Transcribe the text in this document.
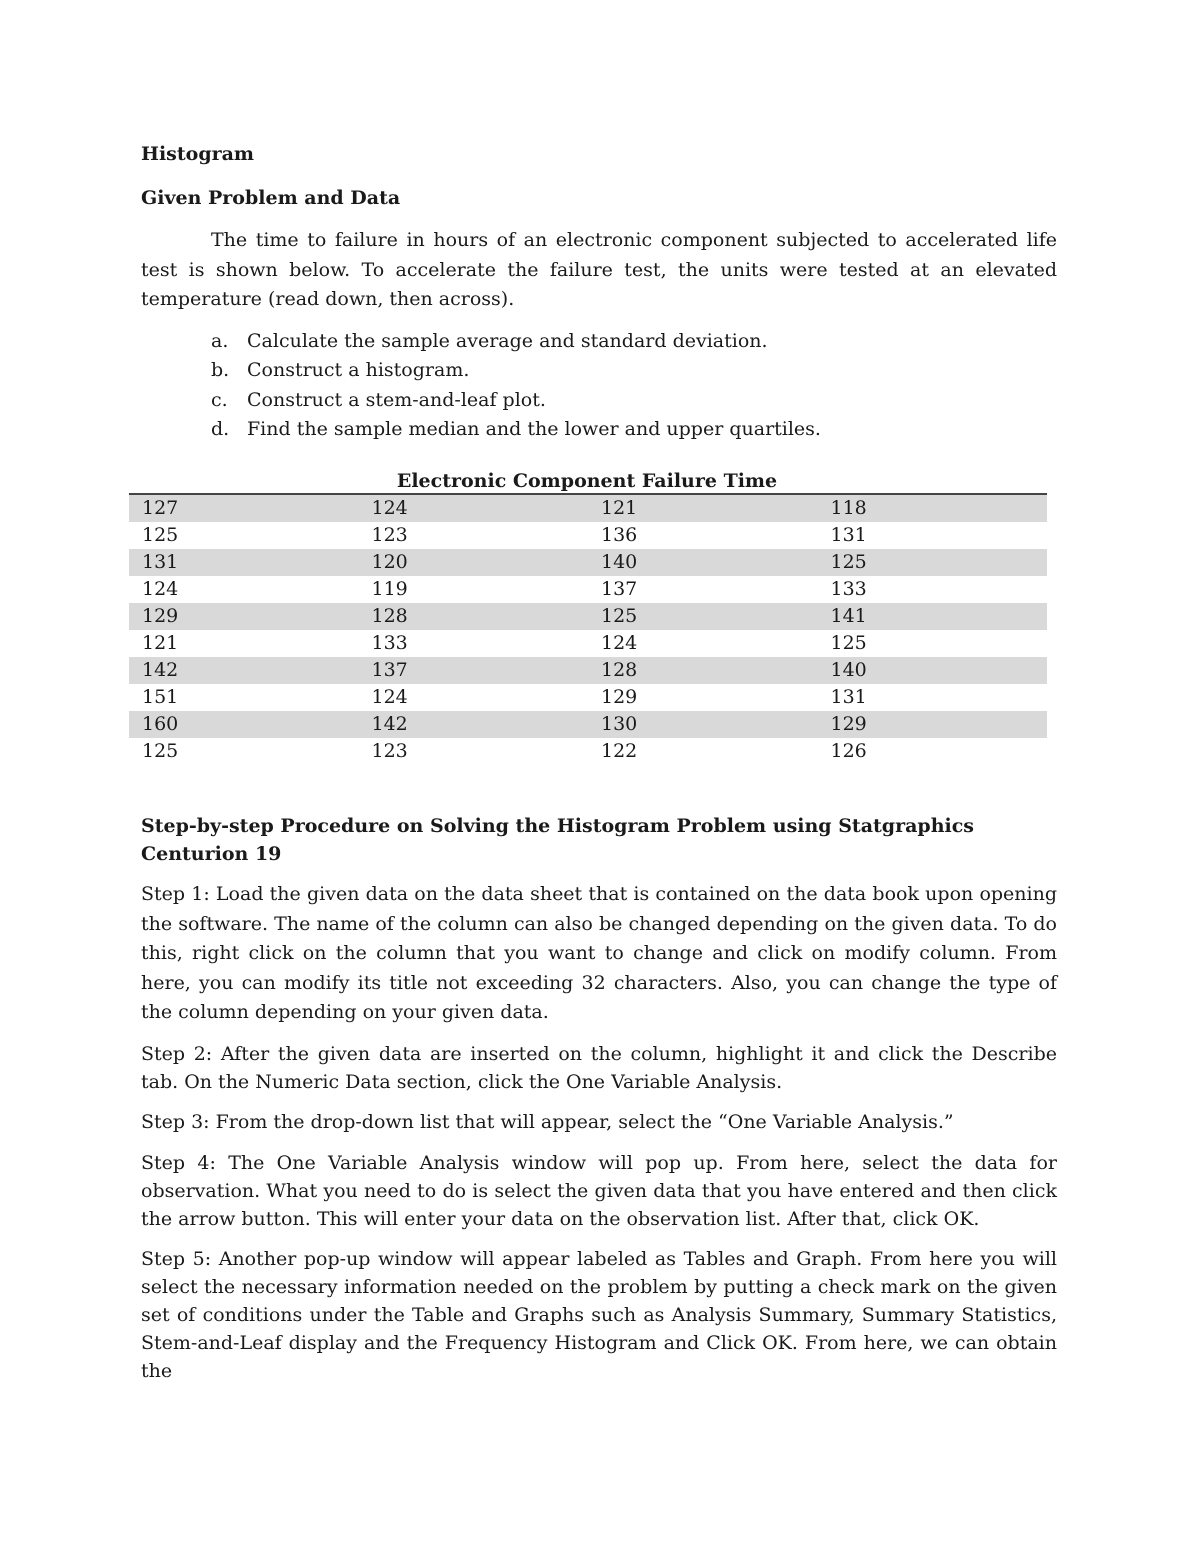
Histogram

Given Problem and Data

The time to failure in hours of an electronic component subjected to accelerated life test is shown below. To accelerate the failure test, the units were tested at an elevated temperature (read down, then across).

a. Calculate the sample average and standard deviation.
b. Construct a histogram.
c.	Construct a stem-and-leaf plot.
d. Find the sample median and the lower and upper quartiles.
Electronic Component Failure Time
127	124	121	118
125	123	136	131
131	120	140	125
124	119	137	133
129	128	125	141
121	133	124	125
142	137	128	140
151	124	129	131
160	142	130	129
125	123	122	126

Step-by-step Procedure on Solving the Histogram Problem using Statgraphics Centurion 19

Step 1: Load the given data on the data sheet that is contained on the data book upon opening the software. The name of the column can also be changed depending on the given data. To do this, right click on the column that you want to change and click on modify column. From here, you can modify its title not exceeding 32 characters. Also, you can change the type of the column depending on your given data.

Step 2: After the given data are inserted on the column, highlight it and click the Describe tab. On the Numeric Data section, click the One Variable Analysis.

Step 3: From the drop-down list that will appear, select the “One Variable Analysis.”

Step 4: The One Variable Analysis window will pop up. From here, select the data for observation. What you need to do is select the given data that you have entered and then click the arrow button. This will enter your data on the observation list. After that, click OK.

Step 5: Another pop-up window will appear labeled as Tables and Graph. From here you will select the necessary information needed on the problem by putting a check mark on the given set of conditions under the Table and Graphs such as Analysis Summary, Summary Statistics, Stem-and-Leaf display and the Frequency Histogram and Click OK. From here, we can obtain the
